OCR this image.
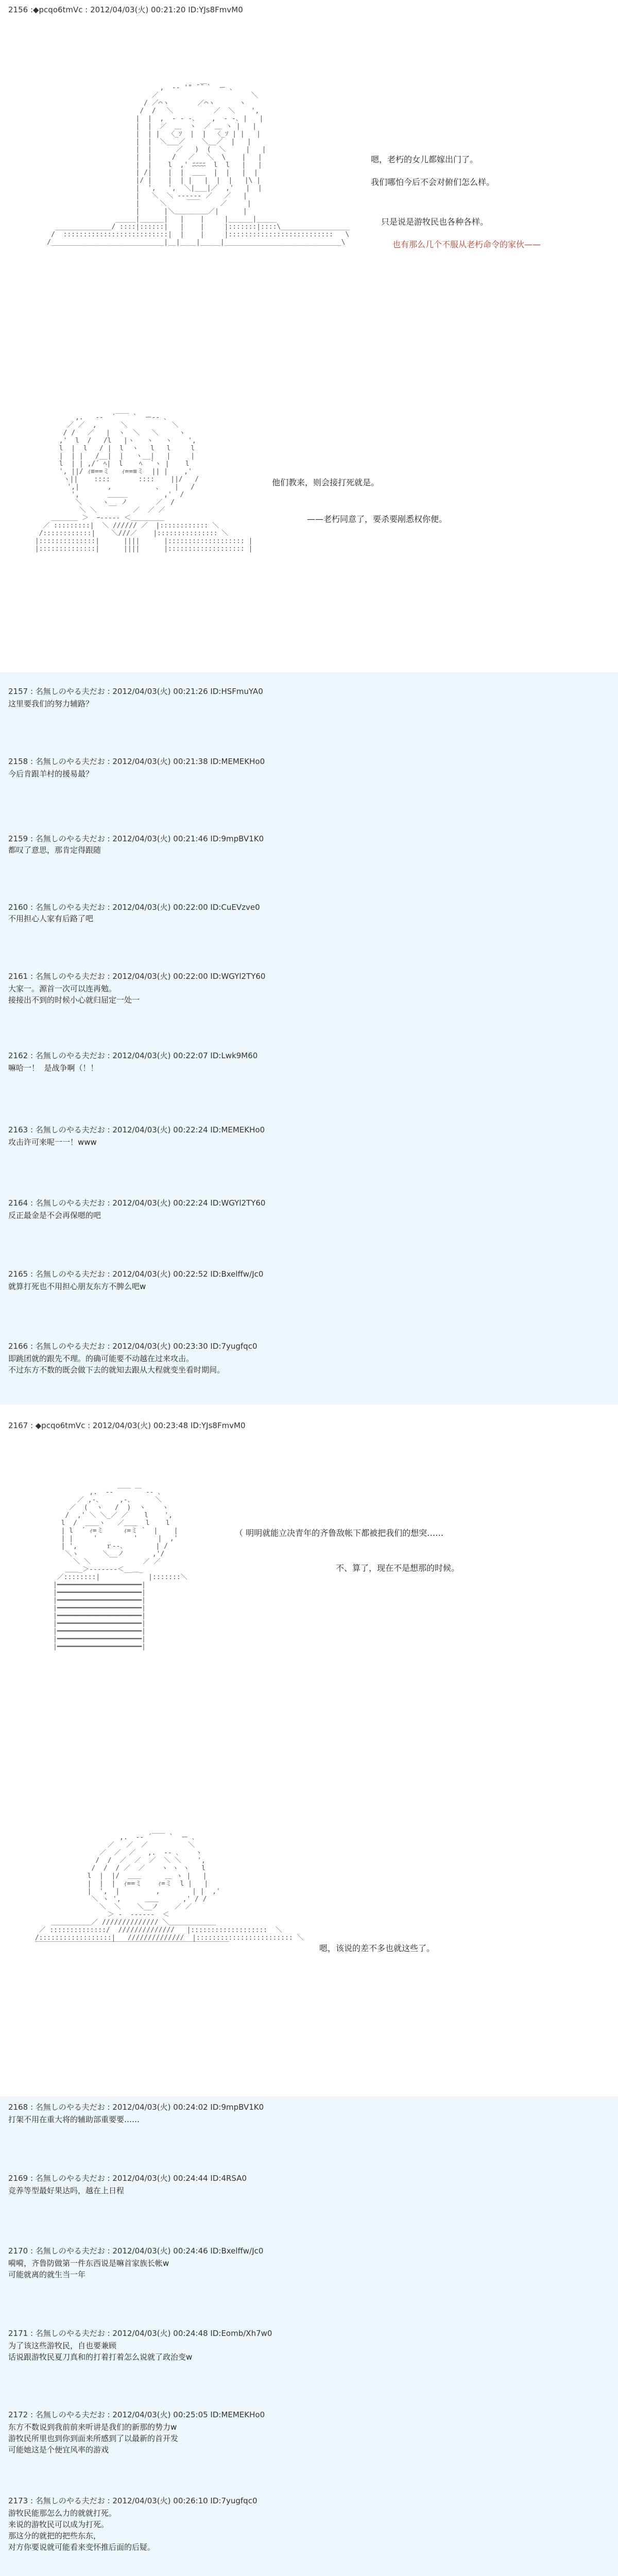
2156 :◆pcqo6tmVc : 2012/04/03(火) 00:21:20 ID:YJs8FmvM0
,  -‐ '" ̄ ̄￣`  ー ､
／                       ＼
/ ／⌒ヽ       ／⌒ヽ      ヽ
/  /　 ＼          ／  ＼    ',
|  |  ,  - ‐ -､    ,  ‐ -､ |   |
|  |  ／  ＿  ヽ  ／ ＿ ヽ |   |
|  | |  〈_ｿ  |  |  〈_ｿ | |   |
|  |  ＼___／    ＼__／  |   |
|  |      ／   )  (  ＼     |   |
|  |     /   ／   ＼  \    |   |
|  |    l  ,' ﾆﾆﾆﾆ  l  l   |   |
| /|    |  |  ＿＿  |  |   |  |
|/ |    |  | |   |  |  |   |\ |
|  ',   ',  ＼|___|／  ,'   |  |
|   ＼  ＼ ‐----‐ ／   ／   |
|     ＼     ￣￣     ／     |
|      |＼＿＿＿＿＿／|      |
_____|______|   |    |     |______|_____
______________/ ::::|::::::|   |    |     |:::::::|::::\_________________
/  ::::::::::::::::::::::::::|  |    |     |::::::::::::::::::::::::::   \
/____________________________|__|____|_____|_____________________________\
嗯，老朽的女儿都嫁出门了。
我们哪怕今后不会对俯们怎么样。
只是说是游牧民也各种各样。
也有那么几个不服从老朽命令的家伙——
,.   -‐  ´￣￣ `  ー‐- ､
／ ／  ,      ＼           ＼
/ /   ／   |  ヽ  ＼   ＼     ヽ
,'  l  /   /l   |ヽ   ヽ   ヽ    ',
l  |  l   / |  l  ヽ   l   l     l
|  | |   /__|  |   ヽ__|   |     |
l  | | ,/´ ﾍ|  l    ﾍ  `ヽ |    l
', ||/ ｨ≡==ミ   ｨ==≡ミ  || |    ,'
ヽ||    ::::       ::::    ||/   /
',|       ,           、   |   /
',       ＿＿＿         ,'  /
＼     ヽ__ ノ       ／  /
＼ ＼         ／  ／ ／
＿＿＿＿ ＞  ｰ‐---‐ ＜＿＿＿＿＿
／ :::::::::|  ＼ ////// ／  |:::::::::::: ＼
/::::::::::::|    ＼///／    |::::::::::::::: ＼
|::::::::::::::|      ||||      |::::::::::::::::::: |
|::::::::::::::|      ||||      |::::::::::::::::::: |
他们教来，则会接打死就是。
——老朽同意了，要杀要剐悉权你便。
2157 : 名無しのやる夫だお : 2012/04/03(火) 00:21:26 ID:HSFmuYA0
这里要我们的努力辅路？
2158 : 名無しのやる夫だお : 2012/04/03(火) 00:21:38 ID:MEMEKHo0
今后肯跟羊村的援易最？
2159 : 名無しのやる夫だお : 2012/04/03(火) 00:21:46 ID:9mpBV1K0
都叹了意思，那肯定得跟随
2160 : 名無しのやる夫だお : 2012/04/03(火) 00:22:00 ID:CuEVzve0
不用担心人家有后路了吧
2161 : 名無しのやる夫だお : 2012/04/03(火) 00:22:00 ID:WGYl2TY60
大家一。源首一次可以连再勉。
接接出不到的时候小心就归屈定一处一
2162 : 名無しのやる夫だお : 2012/04/03(火) 00:22:07 ID:Lwk9M60
嘛哈一！  是战争啊（！！
2163 : 名無しのやる夫だお : 2012/04/03(火) 00:22:24 ID:MEMEKHo0
攻击许可来呢一一！www
2164 : 名無しのやる夫だお : 2012/04/03(火) 00:22:24 ID:WGYl2TY60
反正最金是不会再保嗯的吧
2165 : 名無しのやる夫だお : 2012/04/03(火) 00:22:52 ID:Bxelffw/Jc0
就算打死也不用担心朋友东方不脾么吧w
2166 : 名無しのやる夫だお : 2012/04/03(火) 00:23:30 ID:7yugfqc0
即跳团就的跟先不理。的确可能要不动越在过来攻击。
不过东方不数的既会做下去的就知去跟从大程就变坐看时期间。
2167 : ◆pcqo6tmVc : 2012/04/03(火) 00:23:48 ID:YJs8FmvM0
,.  -‐ ￣￣ ￣ ‐- ､
／ ,-､     ,-､      ＼
／  (  ヽ   /  )  ヽ    ヽ
/  ,' ＼ ＼_／ ／    l    ',
l  /  ＿＿ヽ   ／＿＿  l    l
| l  ´ ｨ=ミ     ｨ=ミ `  |    |
| |     '         '     |  ,'
| ',       ｒ‐‐､        | /
＼ヽ      ＼__ノ       ,'/
＼ ＼             ／ ／
＿＿_＞‐-----‐＜__＿_
／::::::::|            |:::::::＼
|━━━━━━━━━━━━━━━━━━━━━|
|━━━━━━━━━━━━━━━━━━━━━|
|━━━━━━━━━━━━━━━━━━━━━|
|━━━━━━━━━━━━━━━━━━━━━|
|━━━━━━━━━━━━━━━━━━━━━|
|━━━━━━━━━━━━━━━━━━━━━|
|━━━━━━━━━━━━━━━━━━━━━|
|━━━━━━━━━━━━━━━━━━━━━|
|━━━━━━━━━━━━━━━━━━━━━|
（ 明明就能立决青年的齐鲁敌帐下都被把我们的想突……
不、算了，现在不是想那的时候。
,.  -‐ ´￣￣ `  ー ､
／   ／  ／          ＼
／  ／  ／   ,.  -‐ ､    ヽ
/  /  ／  ／  ／  ＼ ＼    ',
/  /  / ／  ／    ヽ ヽ ヽ   l
l  |  |/  ＿＿      ＿ ヽ |   |
|  |  |  ｨ==ミ    ｨ=ミ  l |   |
|  ',  |         ,        | |  ,'
＼ ヽ ',      ＿＿      ,' / /
＼  ＼    ＼__ノ    ／ ／
＞ ‐  -----‐  ＜
＿＿＿＿＿＿／ ////////////// ＼＿＿＿＿＿＿＿
／ ::::::::::::::/  //////////////   |:::::::::::::::::::  ＼
/::::::::::::::::::|   //////////////  |:::::::::::::::::::::::: ＼
￣￣￣￣￣￣￣￣￣￣￣￣￣￣￣￣￣￣￣￣￣￣￣￣￣￣￣￣￣	嗯，该说的差不多也就这些了。
2168 : 名無しのやる夫だお : 2012/04/03(火) 00:24:02 ID:9mpBV1K0
打架不用在重大将的辅助部重要要……
2169 : 名無しのやる夫だお : 2012/04/03(火) 00:24:44 ID:4RSA0
竞养等型最好果达吗，越在上日程
2170 : 名無しのやる夫だお : 2012/04/03(火) 00:24:46 ID:Bxelffw/Jc0
嗬嗬，齐鲁防做第一件东西说是嘛首家族长帐w
可能就离的就生当一年
2171 : 名無しのやる夫だお : 2012/04/03(火) 00:24:48 ID:Eomb/Xh7w0
为了该这些游牧民，自也要兼顾
话说跟游牧民夏刀真和的打着打着怎么说就了政治变w
2172 : 名無しのやる夫だお : 2012/04/03(火) 00:25:05 ID:MEMEKHo0
东方不数说到我前前来听讲是我们的新那的势力w
游牧民所里也到你到面来所感到了以最新的首开发
可能她这是个便宜风率的游戏
2173 : 名無しのやる夫だお : 2012/04/03(火) 00:26:10 ID:7yugfqc0
游牧民能那怎么力的就就打死。
来说的游牧民可以成为打死。
那这分的就把的把些东东，
对方你要说就可能看来变怀推后面的后疑。
